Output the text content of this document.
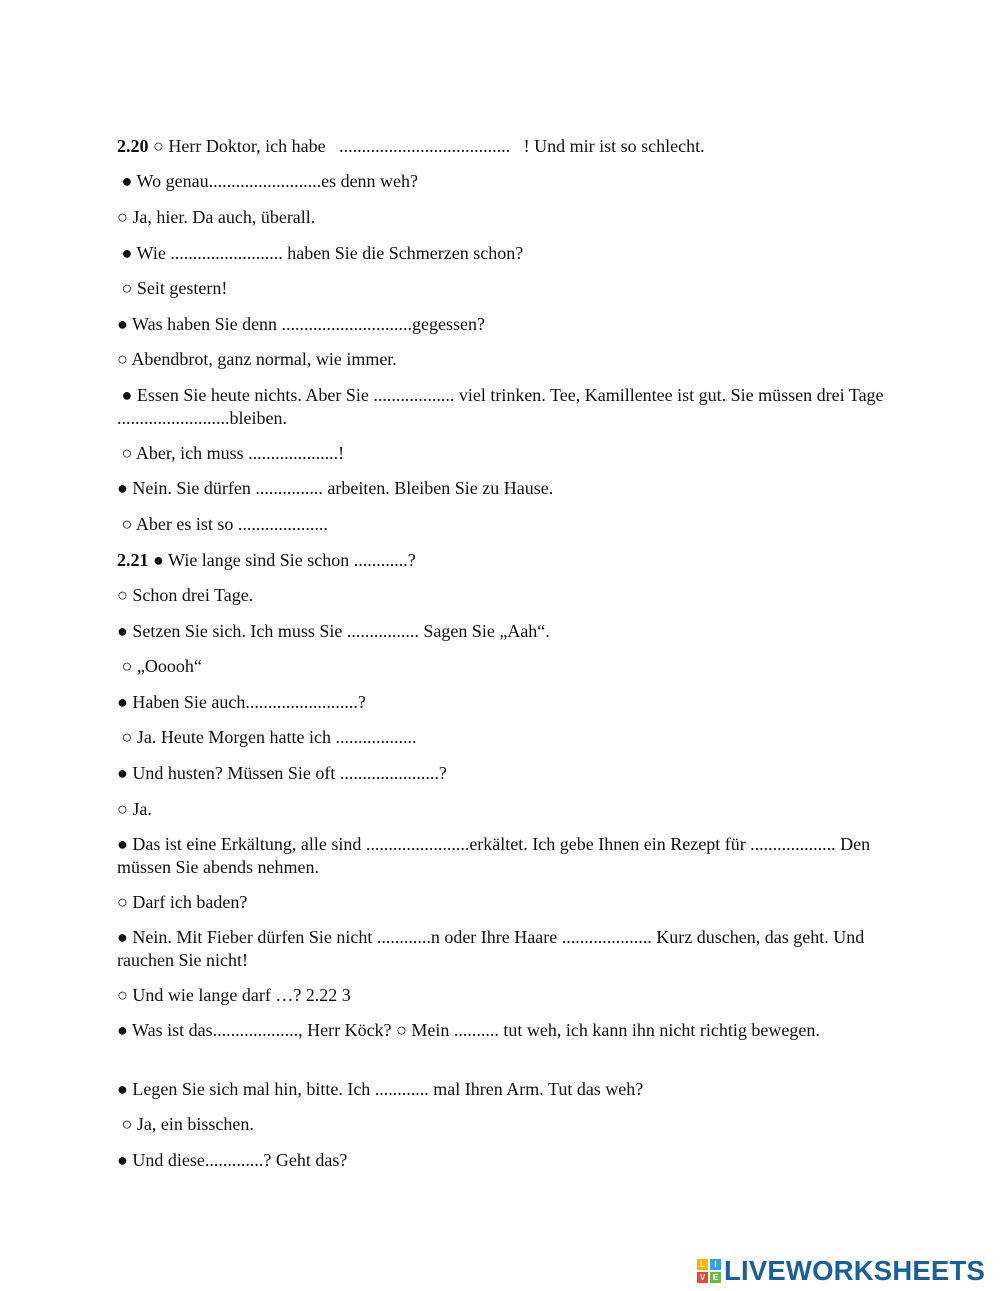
2.20 ○ Herr Doktor, ich habe   ......................................   ! Und mir ist so schlecht.

● Wo genau.........................es denn weh?

○ Ja, hier. Da auch, überall.

● Wie ......................... haben Sie die Schmerzen schon?

○ Seit gestern!

● Was haben Sie denn .............................gegessen?

○ Abendbrot, ganz normal, wie immer.

● Essen Sie heute nichts. Aber Sie .................. viel trinken. Tee, Kamillentee ist gut. Sie müssen drei Tage .........................bleiben.

○ Aber, ich muss ....................!

● Nein. Sie dürfen ............... arbeiten. Bleiben Sie zu Hause.

○ Aber es ist so ....................

2.21 ● Wie lange sind Sie schon ............?

○ Schon drei Tage.

● Setzen Sie sich. Ich muss Sie ................ Sagen Sie „Aah“.

○ „Ooooh“

● Haben Sie auch.........................?

○ Ja. Heute Morgen hatte ich ..................

● Und husten? Müssen Sie oft ......................?

○ Ja.

● Das ist eine Erkältung, alle sind .......................erkältet. Ich gebe Ihnen ein Rezept für ................... Den müssen Sie abends nehmen.

○ Darf ich baden?

● Nein. Mit Fieber dürfen Sie nicht ............n oder Ihre Haare .................... Kurz duschen, das geht. Und rauchen Sie nicht!

○ Und wie lange darf …? 2.22 3

● Was ist das..................., Herr Köck? ○ Mein .......... tut weh, ich kann ihn nicht richtig bewegen.

● Legen Sie sich mal hin, bitte. Ich ............ mal Ihren Arm. Tut das weh?

○ Ja, ein bisschen.

● Und diese.............? Geht das?

L	I
V E LIVEWORKSHEETS
